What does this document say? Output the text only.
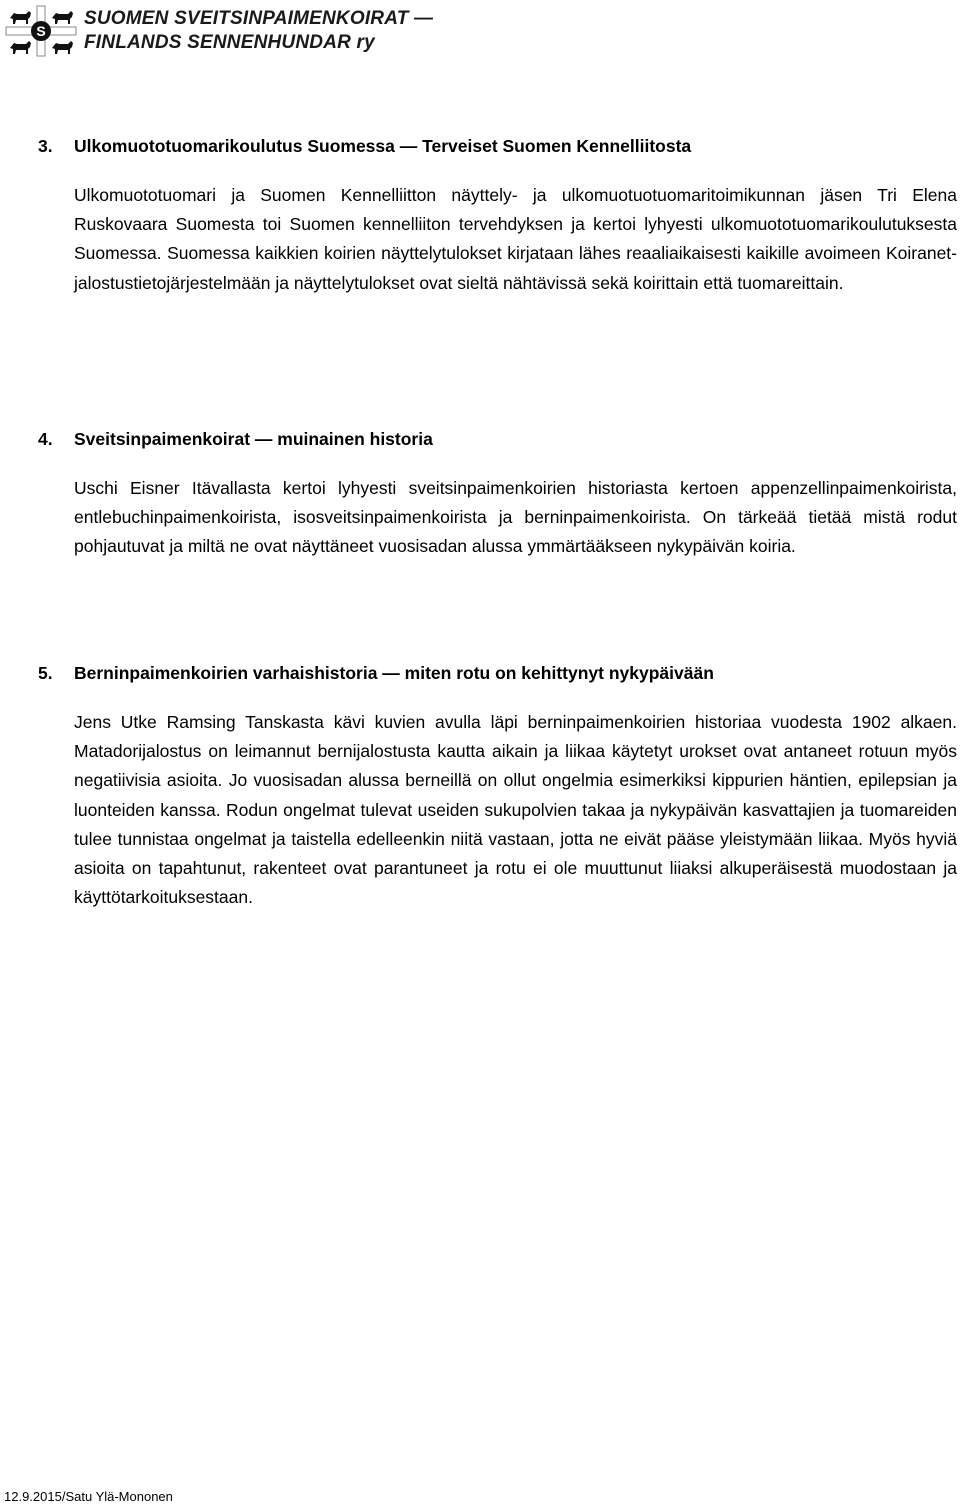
S
SUOMEN SVEITSINPAIMENKOIRAT —
FINLANDS SENNENHUNDAR ry
3. Ulkomuototuomarikoulutus Suomessa — Terveiset Suomen Kennelliitosta
Ulkomuototuomari ja Suomen Kennelliitton näyttely- ja ulkomuotuotuomaritoimikunnan jäsen Tri Elena Ruskovaara Suomesta toi Suomen kennelliiton tervehdyksen ja kertoi lyhyesti ulkomuototuomarikoulutuksesta Suomessa. Suomessa kaikkien koirien näyttelytulokset kirjataan lähes reaaliaikaisesti kaikille avoimeen Koiranet-jalostustietojärjestelmään ja näyttelytulokset ovat sieltä nähtävissä sekä koirittain että tuomareittain.
4. Sveitsinpaimenkoirat — muinainen historia
Uschi Eisner Itävallasta kertoi lyhyesti sveitsinpaimenkoirien historiasta kertoen appenzellinpaimenkoirista, entlebuchinpaimenkoirista, isosveitsinpaimenkoirista ja berninpaimenkoirista. On tärkeää tietää mistä rodut pohjautuvat ja miltä ne ovat näyttäneet vuosisadan alussa ymmärtääkseen nykypäivän koiria.
5. Berninpaimenkoirien varhaishistoria — miten rotu on kehittynyt nykypäivään
Jens Utke Ramsing Tanskasta kävi kuvien avulla läpi berninpaimenkoirien historiaa vuodesta 1902 alkaen. Matadorijalostus on leimannut bernijalostusta kautta aikain ja liikaa käytetyt urokset ovat antaneet rotuun myös negatiivisia asioita. Jo vuosisadan alussa berneillä on ollut ongelmia esimerkiksi kippurien häntien, epilepsian ja luonteiden kanssa. Rodun ongelmat tulevat useiden sukupolvien takaa ja nykypäivän kasvattajien ja tuomareiden tulee tunnistaa ongelmat ja taistella edelleenkin niitä vastaan, jotta ne eivät pääse yleistymään liikaa. Myös hyviä asioita on tapahtunut, rakenteet ovat parantuneet ja rotu ei ole muuttunut liiaksi alkuperäisestä muodostaan ja käyttötarkoituksestaan.
12.9.2015/Satu Ylä-Mononen
